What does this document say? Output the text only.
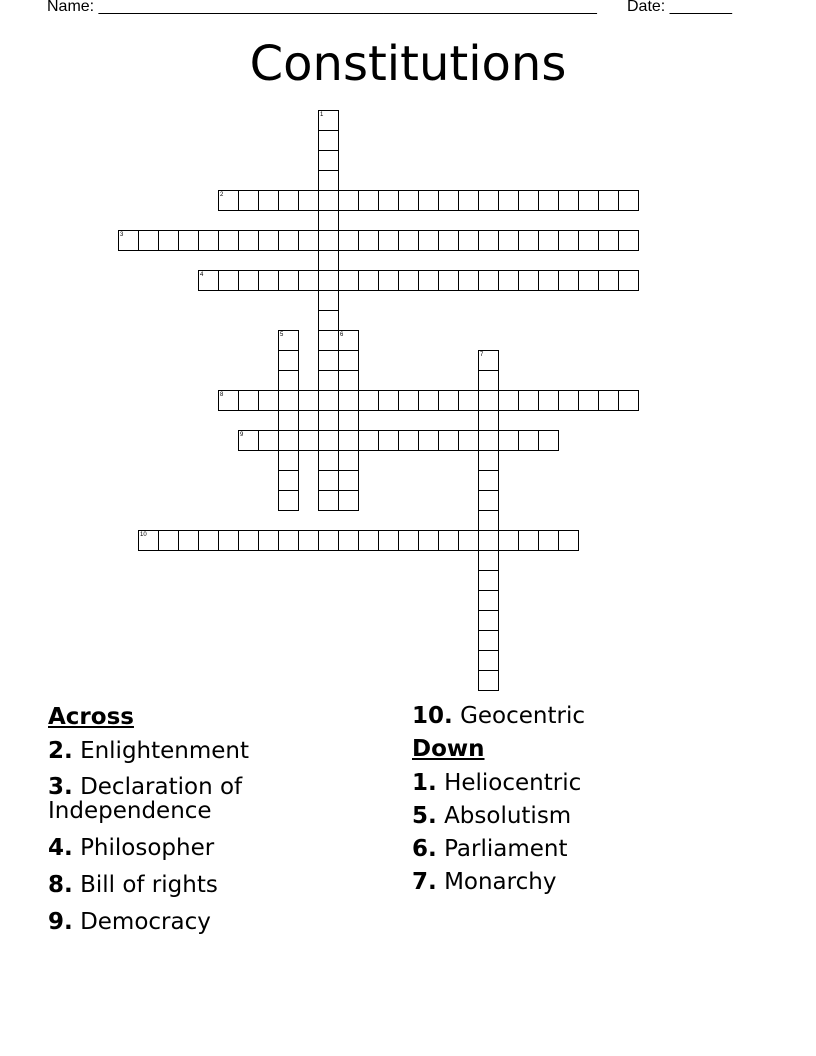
Name: ________________________________________________________ Date: _______
Constitutions
1
2
3
4
5	6
7
8
9
10
Across
2. Enlightenment
3. Declaration of Independence
4. Philosopher
8. Bill of rights
9. Democracy
10. Geocentric
Down
1. Heliocentric
5. Absolutism
6. Parliament
7. Monarchy
